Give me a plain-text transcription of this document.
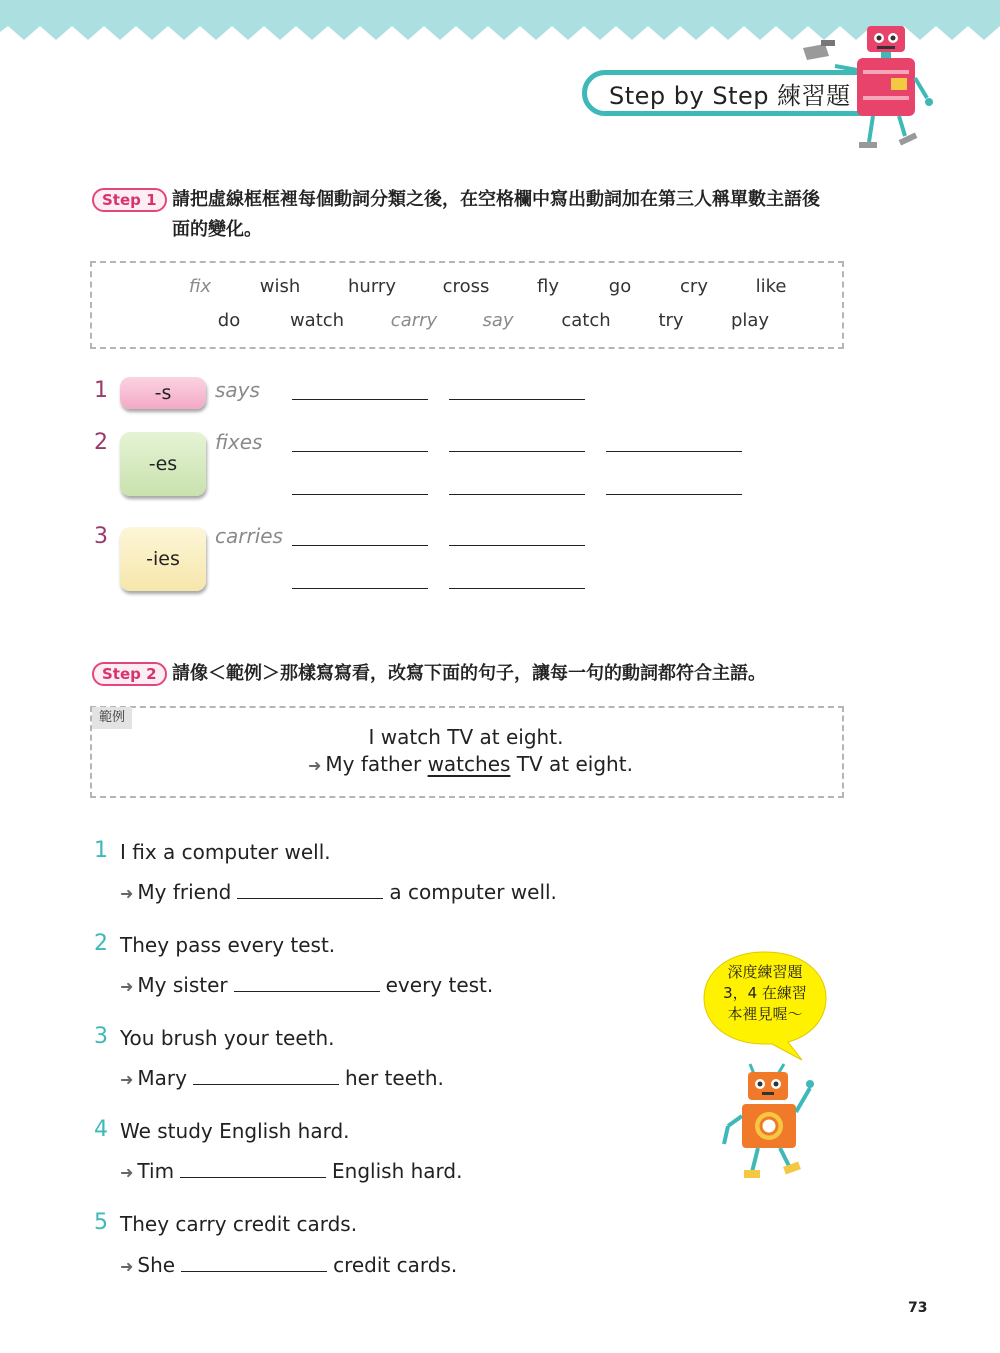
Step by Step 練習題
Step 1 請把虛線框框裡每個動詞分類之後，在空格欄中寫出動詞加在第三人稱單數主語後
面的變化。
fix	wish	hurry	cross	fly	go	cry	like
do	watch	carry	say	catch	try	play
1 -s says
2
-es
fixes
3
-ies
carries
Step 2 請像＜範例＞那樣寫寫看，改寫下面的句子，讓每一句的動詞都符合主語。
範例
I watch TV at eight.
➜ My father watches TV at eight.
1 I fix a computer well.
➜ My friend	a computer well.
2 They pass every test.
➜ My sister	every test.
3 You brush your teeth.
➜ Mary	her teeth.
4 We study English hard.
➜ Tim	English hard.
5 They carry credit cards.
➜ She	credit cards.
深度練習題
3，4 在練習
本裡見喔～
73
